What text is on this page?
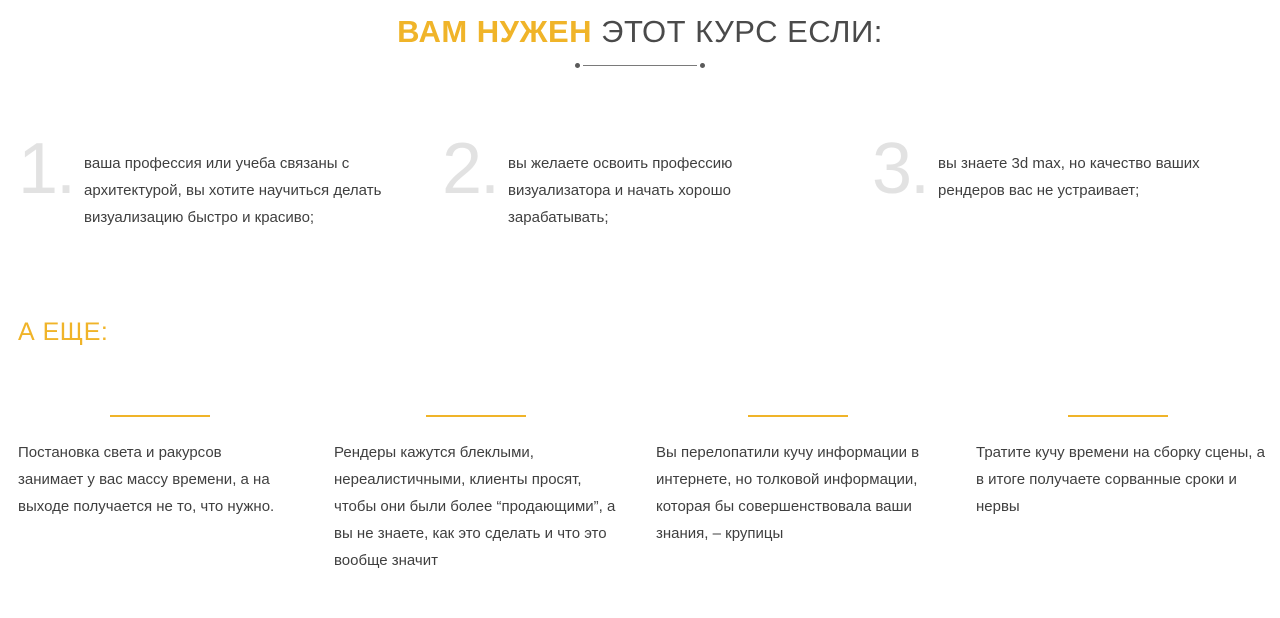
ВАМ НУЖЕН ЭТОТ КУРС ЕСЛИ:
1. ваша профессия или учеба связаны с архитектурой, вы хотите научиться делать визуализацию быстро и красиво;
2. вы желаете освоить профессию визуализатора и начать хорошо зарабатывать;
3. вы знаете 3d max, но качество ваших рендеров вас не устраивает;
А ЕЩЕ:
Постановка света и ракурсов занимает у вас массу времени, а на выходе получается не то, что нужно.
Рендеры кажутся блеклыми, нереалистичными, клиенты просят, чтобы они были более “продающими”, а вы не знаете, как это сделать и что это вообще значит
Вы перелопатили кучу информации в интернете, но толковой информации, которая бы совершенствовала ваши знания, – крупицы
Тратите кучу времени на сборку сцены, а в итоге получаете сорванные сроки и нервы
